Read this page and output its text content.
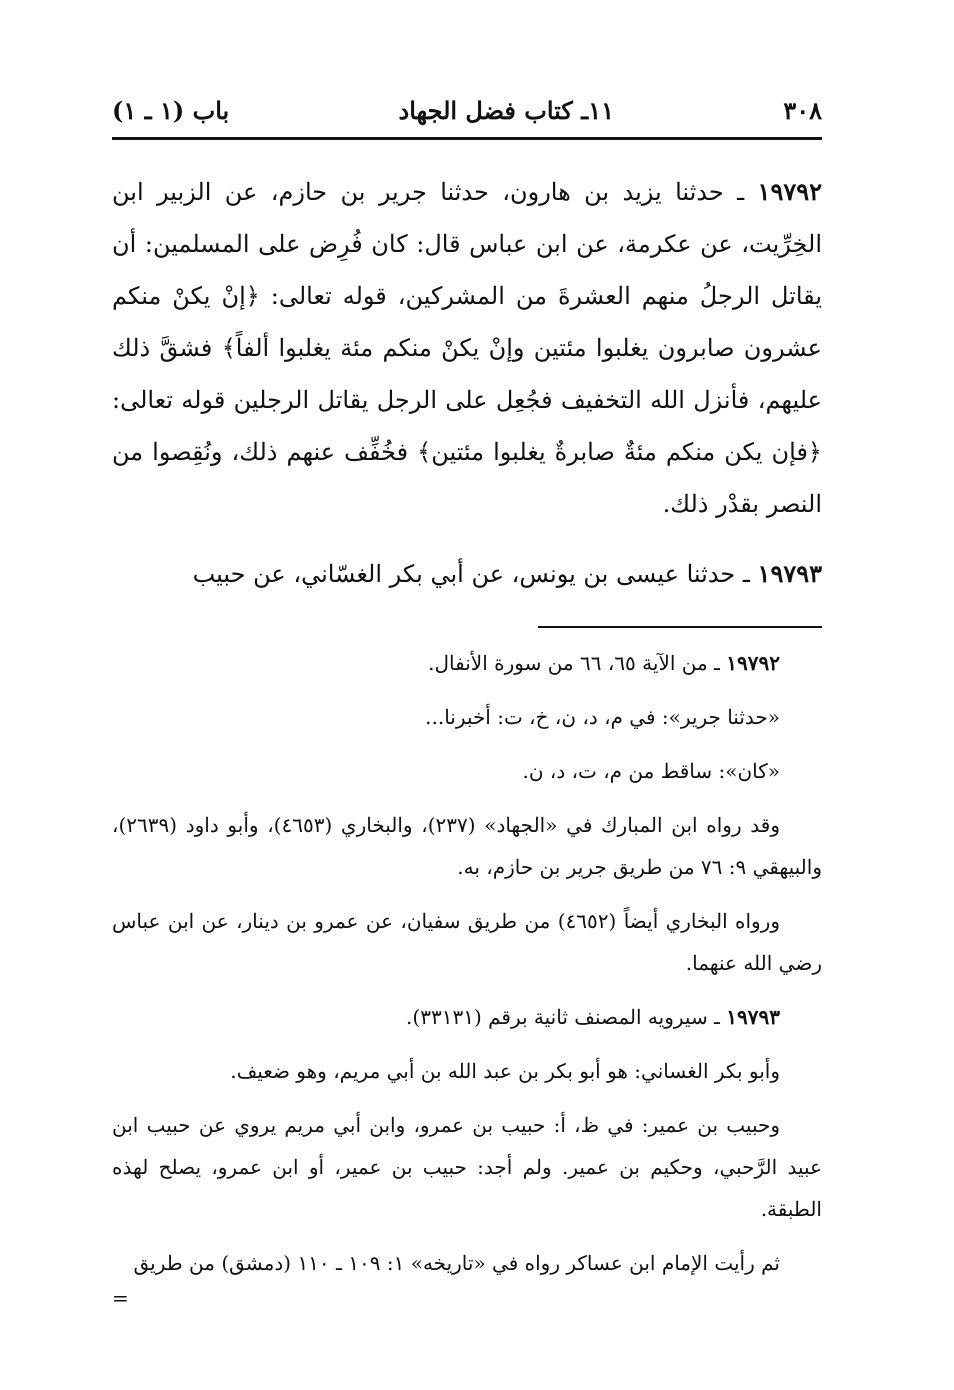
٣٠٨
١١ـ كتاب فضل الجهاد
باب (١ ـ ١)

١٩٧٩٢ ـ حدثنا يزيد بن هارون، حدثنا جرير بن حازم، عن الزبير ابن الخِرِّيت، عن عكرمة، عن ابن عباس قال: كان فُرِض على المسلمين: أن يقاتل الرجلُ منهم العشرةَ من المشركين، قوله تعالى: ﴿إنْ يكنْ منكم عشرون صابرون يغلبوا مئتين وإنْ يكنْ منكم مئة يغلبوا ألفاً﴾ فشقَّ ذلك عليهم، فأنزل الله التخفيف فجُعِل على الرجل يقاتل الرجلين قوله تعالى: ﴿فإن يكن منكم مئةٌ صابرةٌ يغلبوا مئتين﴾ فخُفِّف عنهم ذلك، ونُقِصوا من النصر بقدْر ذلك.

١٩٧٩٣ ـ حدثنا عيسى بن يونس، عن أبي بكر الغسّاني، عن حبيب

١٩٧٩٢ ـ من الآية ٦٥، ٦٦ من سورة الأنفال.

«حدثنا جرير»: في م، د، ن، خ، ت: أخبرنا...

«كان»: ساقط من م، ت، د، ن.

وقد رواه ابن المبارك في «الجهاد» (٢٣٧)، والبخاري (٤٦٥٣)، وأبو داود (٢٦٣٩)، والبيهقي ٩: ٧٦ من طريق جرير بن حازم، به.

ورواه البخاري أيضاً (٤٦٥٢) من طريق سفيان، عن عمرو بن دينار، عن ابن عباس رضي الله عنهما.

١٩٧٩٣ ـ سيرويه المصنف ثانية برقم (٣٣١٣١).

وأبو بكر الغساني: هو أبو بكر بن عبد الله بن أبي مريم، وهو ضعيف.

وحبيب بن عمير: في ظ، أ: حبيب بن عمرو، وابن أبي مريم يروي عن حبيب ابن عبيد الرَّحبي، وحكيم بن عمير. ولم أجد: حبيب بن عمير، أو ابن عمرو، يصلح لهذه الطبقة.

ثم رأيت الإمام ابن عساكر رواه في «تاريخه» ١: ١٠٩ ـ ١١٠ (دمشق) من طريق

=
